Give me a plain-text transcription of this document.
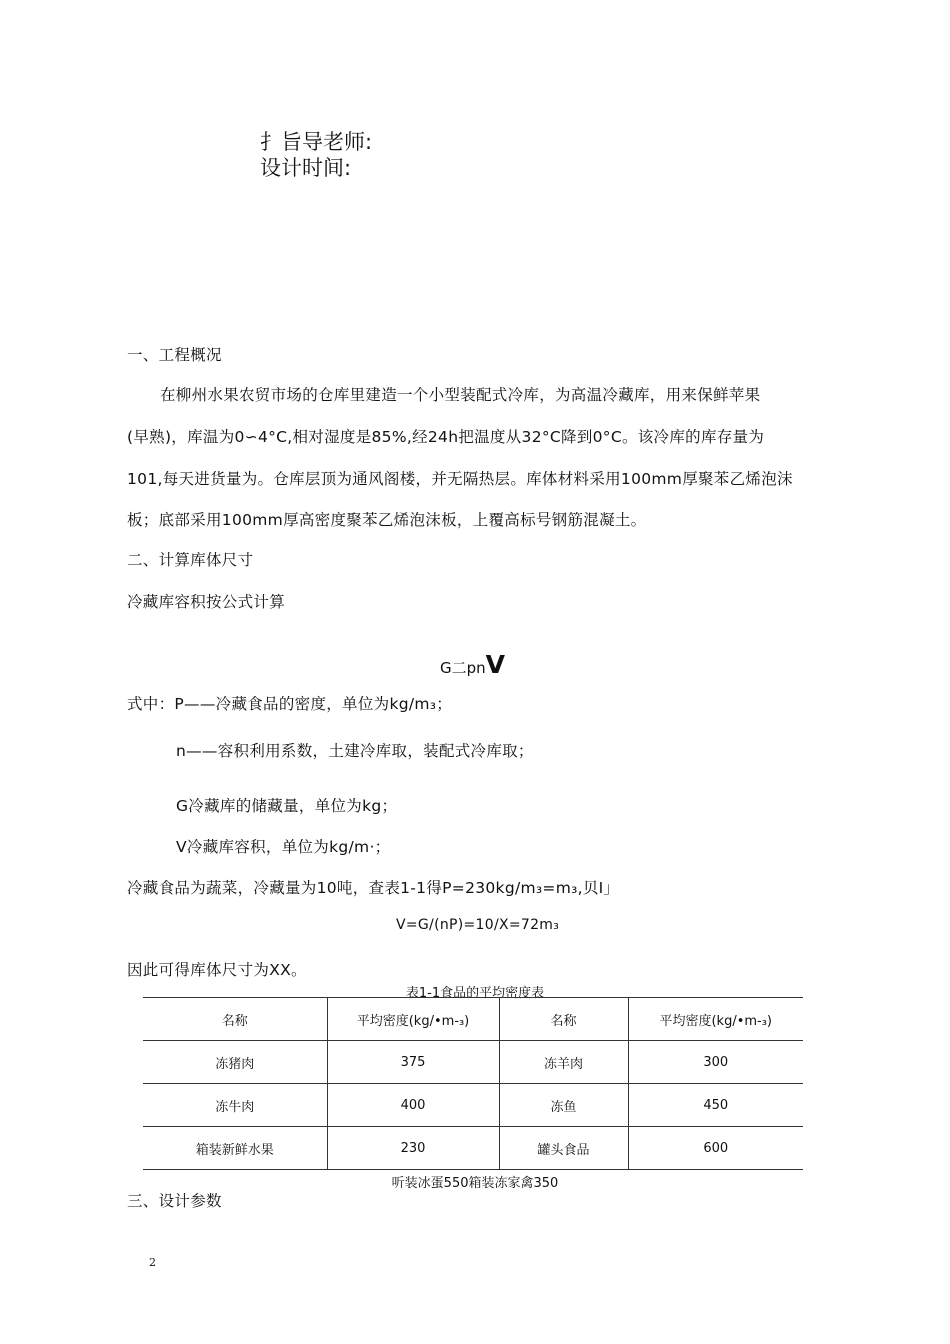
扌旨导老师:
设计时间:
一、工程概况
在柳州水果农贸市场的仓库里建造一个小型装配式冷库，为高温冷藏库，用来保鲜苹果
(早熟)，库温为0∽4°C,相对湿度是85%,经24h把温度从32°C降到0°C。该冷库的库存量为
101,每天进货量为。仓库层顶为通风阁楼，并无隔热层。库体材料采用100mm厚聚苯乙烯泡沫
板；底部采用100mm厚高密度聚苯乙烯泡沫板，上覆高标号钢筋混凝土。
二、计算库体尺寸
冷藏库容积按公式计算
G二pnV
式中：P——冷藏食品的密度，单位为kg/m₃；
n——容积利用系数，土建冷库取，装配式冷库取；
G冷藏库的储藏量，单位为kg；
V冷藏库容积，单位为kg/m·；
冷藏食品为蔬菜，冷藏量为10吨，查表1-1得P=230kg/m₃=m₃,贝I」
V=G/(nP)=10/X=72m₃
因此可得库体尺寸为XX。
表1-1食品的平均密度表
名称	平均密度(kg/•m-₃)	名称	平均密度(kg/•m-₃)
冻猪肉	375	冻羊肉	300
冻牛肉	400	冻鱼	450
箱装新鲜水果	230	罐头食品	600
听装冰蛋550箱装冻家禽350
三、设计参数
2
